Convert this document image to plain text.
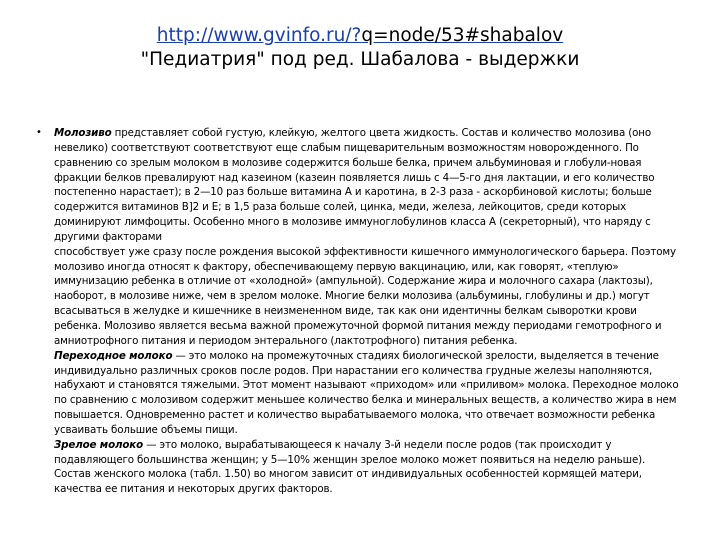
http://www.gvinfo.ru/?q=node/53#shabalov
"Педиатрия" под ред. Шабалова - выдержки
• Молозиво представляет собой густую, клейкую, желтого цвета жидкость. Состав и количество молозива (оно невелико) соответствуют соответствуют еще слабым пищеварительным возможностям новорожденного. По сравнению со зрелым молоком в молозиве содержится больше белка, причем альбуминовая и глобули-новая фракции белков превалируют над казеином (казеин появляется лишь с 4—5-го дня лактации, и его количество постепенно нарастает); в 2—10 раз больше витамина А и каротина, в 2-3 раза - аскорбиновой кислоты; больше содержится витаминов В]2 и Е; в 1,5 раза больше солей, цинка, меди, железа, лейкоцитов, среди которых доминируют лимфоциты. Особенно много в молозиве иммуноглобулинов класса А (секреторный), что наряду с другими факторами
способствует уже сразу после рождения высокой эффективности кишечного иммунологического барьера. Поэтому молозиво иногда относят к фактору, обеспечивающему первую вакцинацию, или, как говорят, «теплую» иммунизацию ребенка в отличие от «холодной» (ампульной). Содержание жира и молочного сахара (лактозы), наоборот, в молозиве ниже, чем в зрелом молоке. Многие белки молозива (альбумины, глобулины и др.) могут всасываться в желудке и кишечнике в неизмененном виде, так как они идентичны белкам сыворотки крови ребенка. Молозиво является весьма важной промежуточной формой питания между периодами гемотрофного и амниотрофного питания и периодом энтерального (лактотрофного) питания ребенка.
Переходное молоко — это молоко на промежуточных стадиях биологической зрелости, выделяется в течение индивидуально различных сроков после родов. При нарастании его количества грудные железы наполняются, набухают и становятся тяжелыми. Этот момент называют «приходом» или «приливом» молока. Переходное молоко по сравнению с молозивом содержит меньшее количество белка и минеральных веществ, а количество жира в нем повышается. Одновременно растет и количество вырабатываемого молока, что отвечает возможности ребенка усваивать большие объемы пищи.
Зрелое молоко — это молоко, вырабатывающееся к началу 3-й недели после родов (так происходит у подавляющего большинства женщин; у 5—10% женщин зрелое молоко может появиться на неделю раньше). Состав женского молока (табл. 1.50) во многом зависит от индивидуальных особенностей кормящей матери, качества ее питания и некоторых других факторов.
